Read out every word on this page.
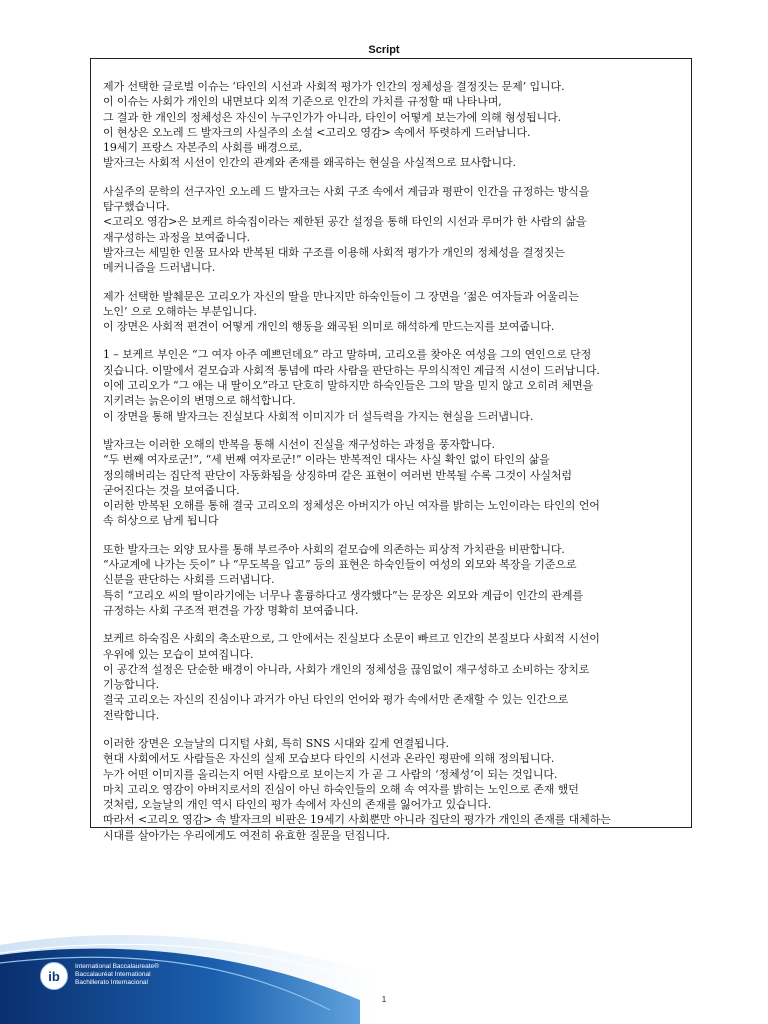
Script

제가 선택한 글로벌 이슈는 ‘타인의 시선과 사회적 평가가 인간의 정체성을 결정짓는 문제’ 입니다.
이 이슈는 사회가 개인의 내면보다 외적 기준으로 인간의 가치를 규정할 때 나타나며,
그 결과 한 개인의 정체성은 자신이 누구인가가 아니라, 타인이 어떻게 보는가에 의해 형성됩니다.
이 현상은 오노레 드 발자크의 사실주의 소설 <고리오 영감> 속에서 뚜렷하게 드러납니다.
19세기 프랑스 자본주의 사회를 배경으로,
발자크는 사회적 시선이 인간의 관계와 존재를 왜곡하는 현실을 사실적으로 묘사합니다.

사실주의 문학의 선구자인 오노레 드 발자크는 사회 구조 속에서 계급과 평판이 인간을 규정하는 방식을
탐구했습니다.
<고리오 영감>은 보케르 하숙집이라는 제한된 공간 설정을 통해 타인의 시선과 루머가 한 사람의 삶을
재구성하는 과정을 보여줍니다.
발자크는 세밀한 인물 묘사와 반복된 대화 구조를 이용해 사회적 평가가 개인의 정체성을 결정짓는
메커니즘을 드러냅니다.

제가 선택한 발췌문은 고리오가 자신의 딸을 만나지만 하숙인들이 그 장면을 ‘젊은 여자들과 어울리는
노인’ 으로 오해하는 부분입니다.
이 장면은 사회적 편견이 어떻게 개인의 행동을 왜곡된 의미로 해석하게 만드는지를 보여줍니다.

1 – 보케르 부인은 “그 여자 아주 예쁘던데요” 라고 말하며, 고리오를 찾아온 여성을 그의 연인으로 단정
짓습니다. 이말에서 겉모습과 사회적 통념에 따라 사람을 판단하는 무의식적인 계급적 시선이 드러납니다.
이에 고리오가 “그 애는 내 딸이오”라고 단호히 말하지만 하숙인들은 그의 말을 믿지 않고 오히려 체면을
지키려는 늙은이의 변명으로 해석합니다.
이 장면을 통해 발자크는 진실보다 사회적 이미지가 더 설득력을 가지는 현실을 드러냅니다.

발자크는 이러한 오해의 반복을 통해 시선이 진실을 재구성하는 과정을 풍자합니다.
“두 번째 여자로군!”, “세 번째 여자로군!” 이라는 반복적인 대사는 사실 확인 없이 타인의 삶을
정의해버리는 집단적 판단이 자동화됨을 상징하며 같은 표현이 여러번 반복될 수록 그것이 사실처럼
굳어진다는 것을 보여줍니다.
이러한 반복된 오해를 통해 결국 고리오의 정체성은 아버지가 아닌 여자를 밝히는 노인이라는 타인의 언어
속 허상으로 남게 됩니다

또한 발자크는 외양 묘사를 통해 부르주아 사회의 겉모습에 의존하는 피상적 가치관을 비판합니다.
“사교계에 나가는 듯이” 나 “무도복을 입고” 등의 표현은 하숙인들이 여성의 외모와 복장을 기준으로
신분을 판단하는 사회를 드러냅니다.
특히 “고리오 씨의 딸이라기에는 너무나 훌륭하다고 생각했다”는 문장은 외모와 계급이 인간의 관계를
규정하는 사회 구조적 편견을 가장 명확히 보여줍니다.

보케르 하숙집은 사회의 축소판으로, 그 안에서는 진실보다 소문이 빠르고 인간의 본질보다 사회적 시선이
우위에 있는 모습이 보여집니다.
이 공간적 설정은 단순한 배경이 아니라, 사회가 개인의 정체성을 끊임없이 재구성하고 소비하는 장치로
기능합니다.
결국 고리오는 자신의 진심이나 과거가 아닌 타인의 언어와 평가 속에서만 존재할 수 있는 인간으로
전락합니다.

이러한 장면은 오늘날의 디지털 사회, 특히 SNS 시대와 깊게 연결됩니다.
현대 사회에서도 사람들은 자신의 실제 모습보다 타인의 시선과 온라인 평판에 의해 정의됩니다.
누가 어떤 이미지를 올리는지 어떤 사람으로 보이는지 가 곧 그 사람의 ‘정체성’이 되는 것입니다.
마치 고리오 영감이 아버지로서의 진심이 아닌 하숙인들의 오해 속 여자를 밝히는 노인으로 존재 했던
것처럼, 오늘날의 개인 역시 타인의 평가 속에서 자신의 존재를 잃어가고 있습니다.
따라서 <고리오 영감> 속 발자크의 비판은 19세기 사회뿐만 아니라 집단의 평가가 개인의 존재를 대체하는
시대를 살아가는 우리에게도 여전히 유효한 질문을 던집니다.

ib
International Baccalaureate®
Baccalauréat International
Bachillerato Internacional
1
